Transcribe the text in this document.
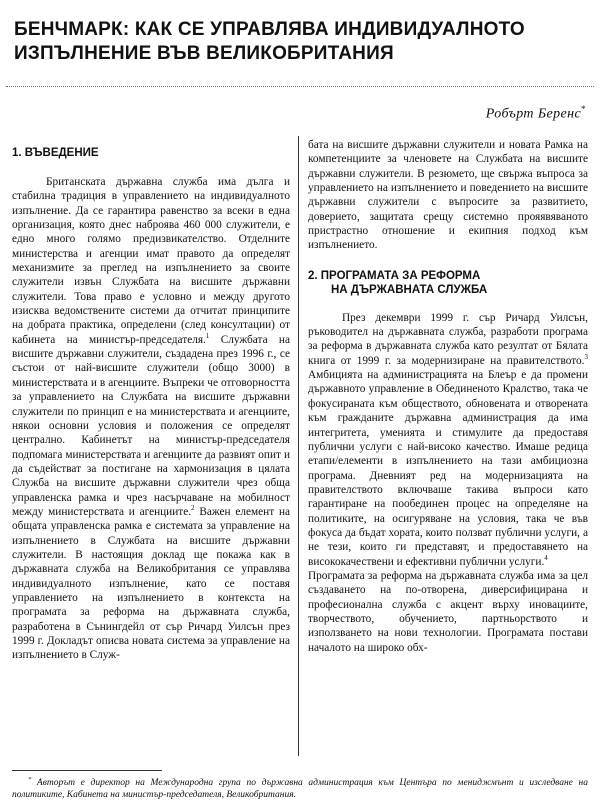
БЕНЧМАРК: КАК СЕ УПРАВЛЯВА ИНДИВИДУАЛНОТО
ИЗПЪЛНЕНИЕ ВЪВ ВЕЛИКОБРИТАНИЯ
Робърт Беренс*
1. ВЪВЕДЕНИЕ

Британската държавна служба има дълга и стабилна традиция в управлението на индивидуалното изпълнение. Да се гарантира равенство за всеки в една организация, която днес наброява 460 000 служители, е едно много голямо предизвикателство. Отделните министерства и агенции имат правото да определят механизмите за преглед на изпълнението за своите служители извън Службата на висшите държавни служители. Това право е условно и между другото изисква ведомствените системи да отчитат принципите на добрата практика, определени (след консултации) от кабинета на министър-председателя.$^1$ Службата на висшите държавни служители, създадена през 1996 г., се състои от най-висшите служители (общо 3000) в министерствата и в агенциите. Въпреки че отговорността за управлението на Службата на висшите държавни служители по принцип е на министерствата и агенциите, някои основни условия и положения се определят централно. Кабинетът на министър-председателя подпомага министерствата и агенциите да развият опит и да съдействат за постигане на хармонизация в цялата Служба на висшите държавни служители чрез обща управленска рамка и чрез насърчаване на мобилност между министерствата и агенциите.$^2$ Важен елемент на общата управленска рамка е системата за управление на изпълнението в Службата на висшите държавни служители. В настоящия доклад ще покажа как в държавната служба на Великобритания се управлява индивидуалното изпълнение, като се поставя управлението на изпълнението в контекста на програмата за реформа на държавната служба, разработена в Сънингдейл от сър Ричард Уилсън през 1999 г. Докладът описва новата система за управление на изпълнението в Служ-

бата на висшите държавни служители и новата Рамка на компетенциите за членовете на Службата на висшите държавни служители. В резюмето, ще свържа въпроса за управлението на изпълнението и поведението на висшите държавни служители с въпросите за развитието, доверието, защитата срещу системно прояявяваното пристрастно отношение и екипния подход към изпълнението.

2. ПРОГРАМАТА ЗА РЕФОРМА
НА ДЪРЖАВНАТА СЛУЖБА

През декември 1999 г. сър Ричард Уилсън, ръководител на държавната служба, разработи програма за реформа в държавната служба като резултат от Бялата книга от 1999 г. за модернизиране на правителството.$^3$ Амбицията на администрацията на Блеър е да промени държавното управление в Обединеното Кралство, така че фокусираната към обществото, обновената и отворената към гражданите държавна администрация да има интегритета, уменията и стимулите да предоставя публични услуги с най-високо качество. Имаше редица етапи/елементи в изпълнението на тази амбициозна програма. Дневният ред на модернизацията на правителството включваше такива въпроси като гарантиране на пообединен процес на определяне на политиките, на осигуряване на условия, така че във фокуса да бъдат хората, които ползват публични услуги, а не тези, които ги представят, и предоставянето на висококачествени и ефективни публични услуги.$^4$

Програмата за реформа на държавната служба има за цел създаването на по-отворена, диверсифицирана и професионална служба с акцент върху иновациите, творчеството, обучението, партньорството и използването на нови технологии. Програмата постави началото на широко обх-

* Авторът е директор на Международна група по държавна администрация към Центъра по мениджмънт и изследване на политиките, Кабинета на министър-председателя, Великобритания.
